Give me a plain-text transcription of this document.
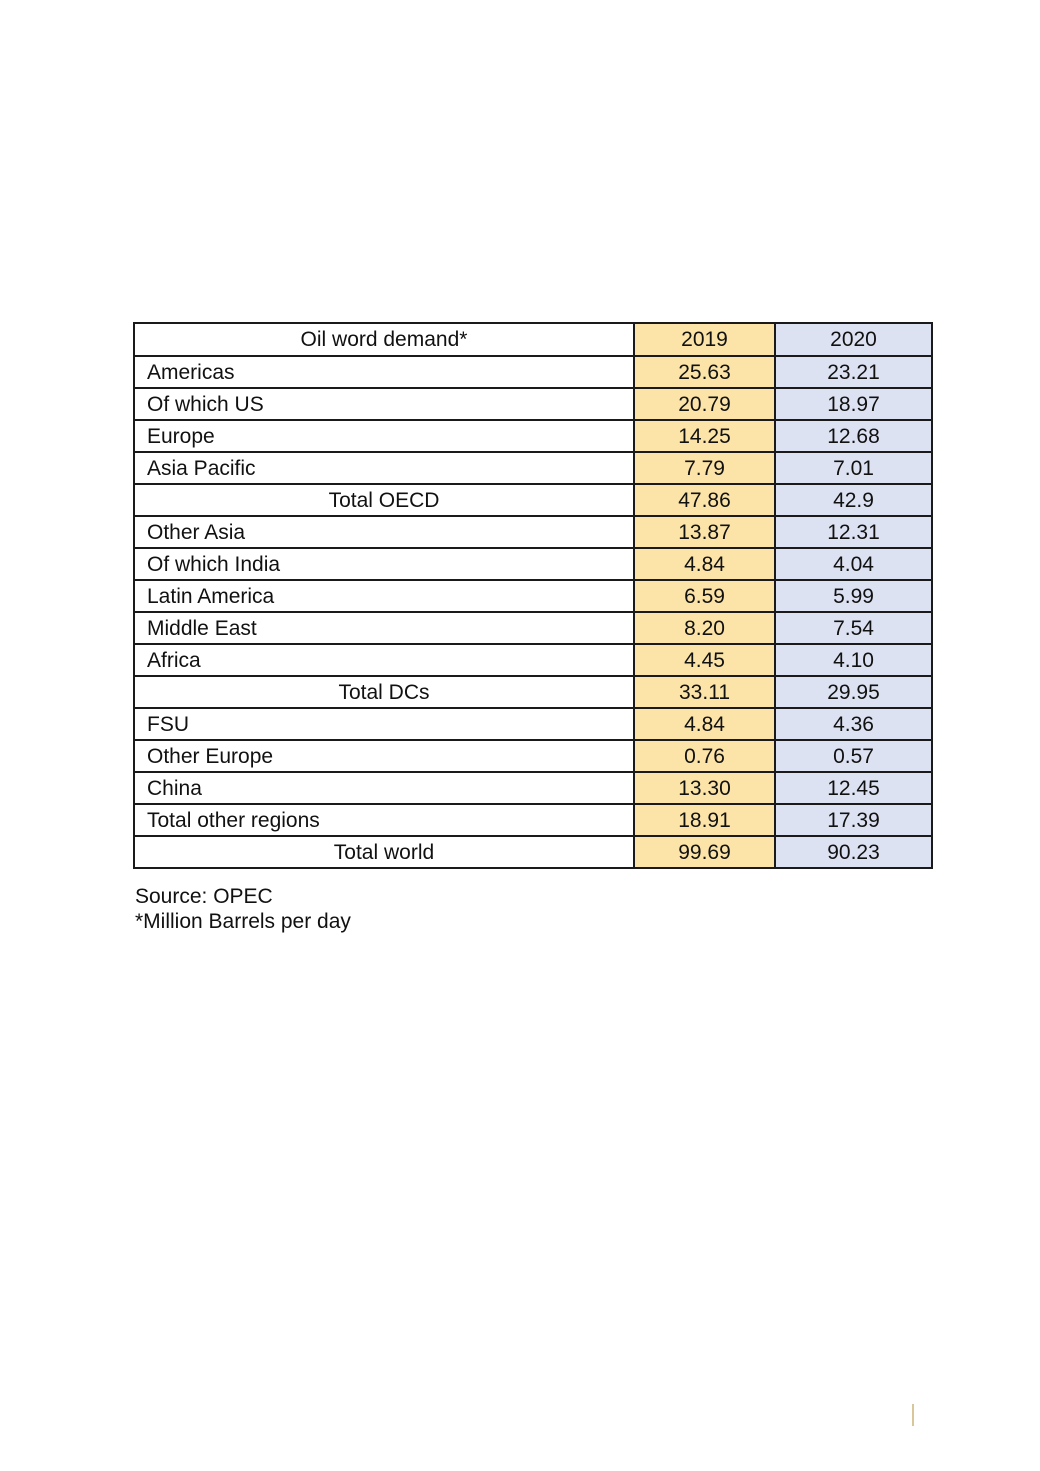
Oil word demand*	2019	2020
Americas	25.63	23.21
Of which US	20.79	18.97
Europe	14.25	12.68
Asia Pacific	7.79	7.01
Total OECD	47.86	42.9
Other Asia	13.87	12.31
Of which India	4.84	4.04
Latin America	6.59	5.99
Middle East	8.20	7.54
Africa	4.45	4.10
Total DCs	33.11	29.95
FSU	4.84	4.36
Other Europe	0.76	0.57
China	13.30	12.45
Total other regions	18.91	17.39
Total world	99.69	90.23
Source: OPEC
*Million Barrels per day
